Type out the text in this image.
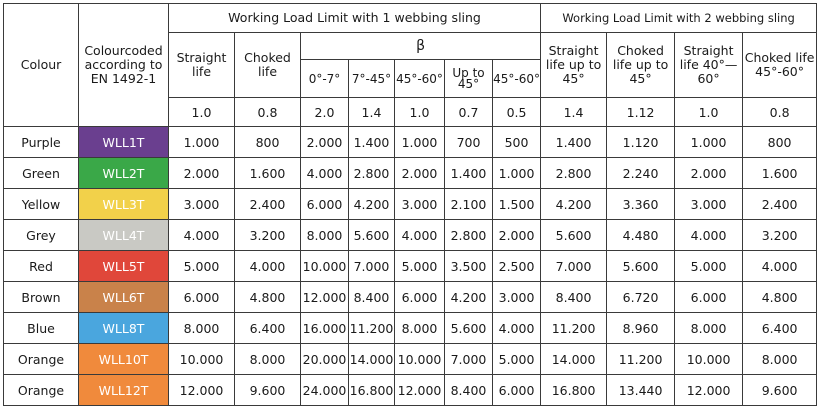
Colour	Colourcoded according to EN 1492-1	Working Load Limit with 1 webbing sling							Working Load Limit with 2 webbing sling			
		Straight life	Choked life	β					Straight life up to 45°	Choked life up to 45°	Straight life 40°—60°	Choked life 45°-60°
				0°-7°	7°-45°	45°-60°	Up to 45°	45°-60°				
		1.0	0.8	2.0	1.4	1.0	0.7	0.5	1.4	1.12	1.0	0.8
Purple	WLL1T	1.000	800	2.000	1.400	1.000	700	500	1.400	1.120	1.000	800
Green	WLL2T	2.000	1.600	4.000	2.800	2.000	1.400	1.000	2.800	2.240	2.000	1.600
Yellow	WLL3T	3.000	2.400	6.000	4.200	3.000	2.100	1.500	4.200	3.360	3.000	2.400
Grey	WLL4T	4.000	3.200	8.000	5.600	4.000	2.800	2.000	5.600	4.480	4.000	3.200
Red	WLL5T	5.000	4.000	10.000	7.000	5.000	3.500	2.500	7.000	5.600	5.000	4.000
Brown	WLL6T	6.000	4.800	12.000	8.400	6.000	4.200	3.000	8.400	6.720	6.000	4.800
Blue	WLL8T	8.000	6.400	16.000	11.200	8.000	5.600	4.000	11.200	8.960	8.000	6.400
Orange	WLL10T	10.000	8.000	20.000	14.000	10.000	7.000	5.000	14.000	11.200	10.000	8.000
Orange	WLL12T	12.000	9.600	24.000	16.800	12.000	8.400	6.000	16.800	13.440	12.000	9.600
